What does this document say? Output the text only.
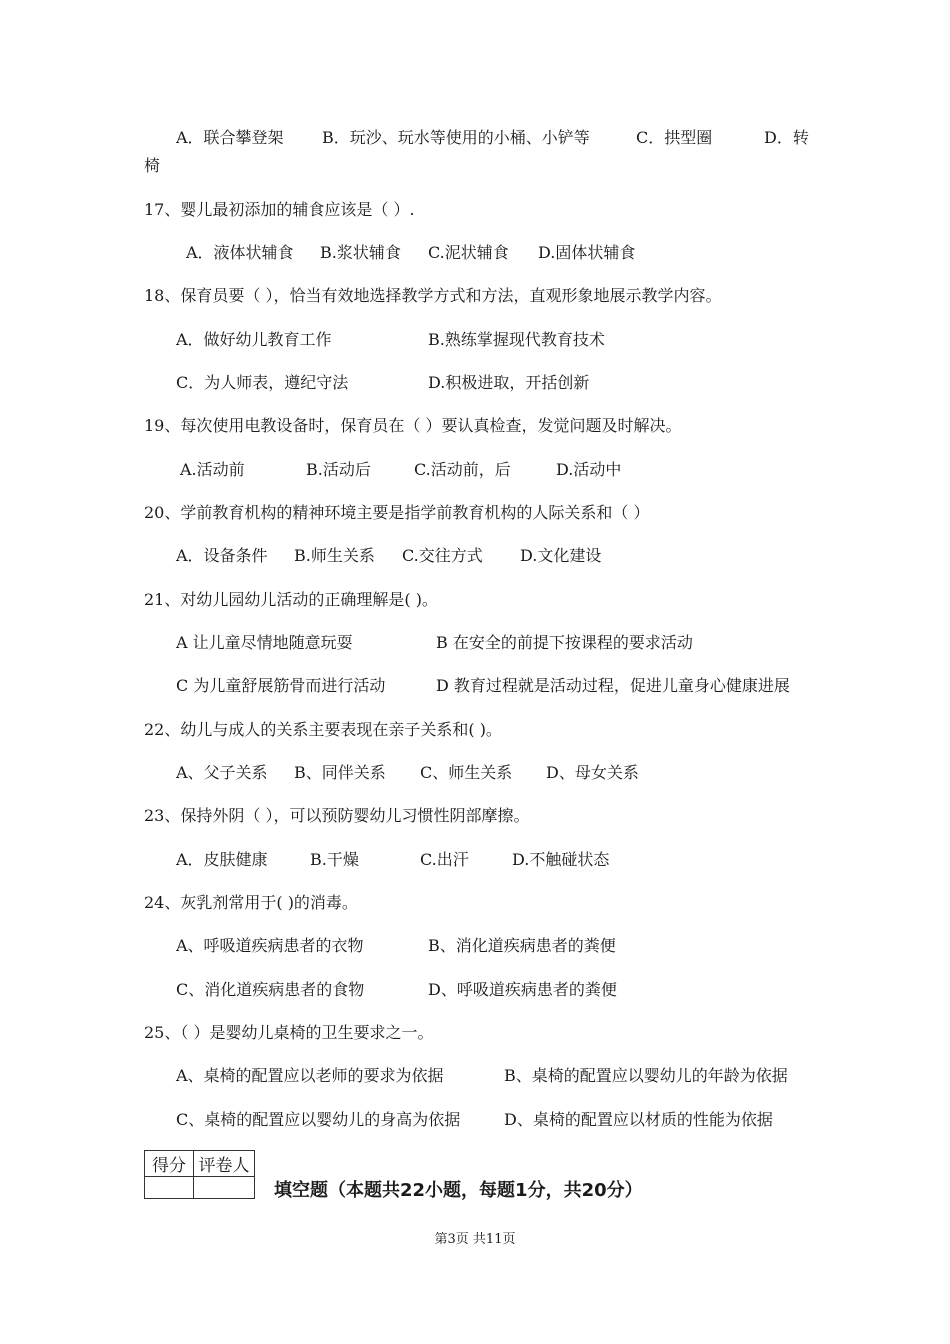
A．联合攀登架 B．玩沙、玩水等使用的小桶、小铲等	C．拱型圈	D．转
椅
17、婴儿最初添加的辅食应该是（ ）.
A．液体状辅食 B.浆状辅食 C.泥状辅食 D.固体状辅食
18、保育员要（ ），恰当有效地选择教学方式和方法，直观形象地展示教学内容。
A．做好幼儿教育工作	B.熟练掌握现代教育技术
C．为人师表，遵纪守法	D.积极进取，开括创新
19、每次使用电教设备时，保育员在（ ）要认真检查，发觉问题及时解决。
A.活动前	B.活动后	C.活动前，后	D.活动中
20、学前教育机构的精神环境主要是指学前教育机构的人际关系和（ ）
A．设备条件 B.师生关系 C.交往方式 D.文化建设
21、对幼儿园幼儿活动的正确理解是( )。
A 让儿童尽情地随意玩耍	B 在安全的前提下按课程的要求活动
C 为儿童舒展筋骨而进行活动	D 教育过程就是活动过程，促进儿童身心健康进展
22、幼儿与成人的关系主要表现在亲子关系和( )。
A、父子关系 B、同伴关系 C、师生关系 D、母女关系
23、保持外阴（ ），可以预防婴幼儿习惯性阴部摩擦。
A．皮肤健康	B.干燥	C.出汗	D.不触碰状态
24、灰乳剂常用于( )的消毒。
A、呼吸道疾病患者的衣物	B、消化道疾病患者的粪便
C、消化道疾病患者的食物	D、呼吸道疾病患者的粪便
25、（ ）是婴幼儿桌椅的卫生要求之一。
A、桌椅的配置应以老师的要求为依据	B、桌椅的配置应以婴幼儿的年龄为依据
C、桌椅的配置应以婴幼儿的身高为依据	D、桌椅的配置应以材质的性能为依据
得分	评卷人

填空题（本题共22小题，每题1分，共20分）
第3页 共11页
